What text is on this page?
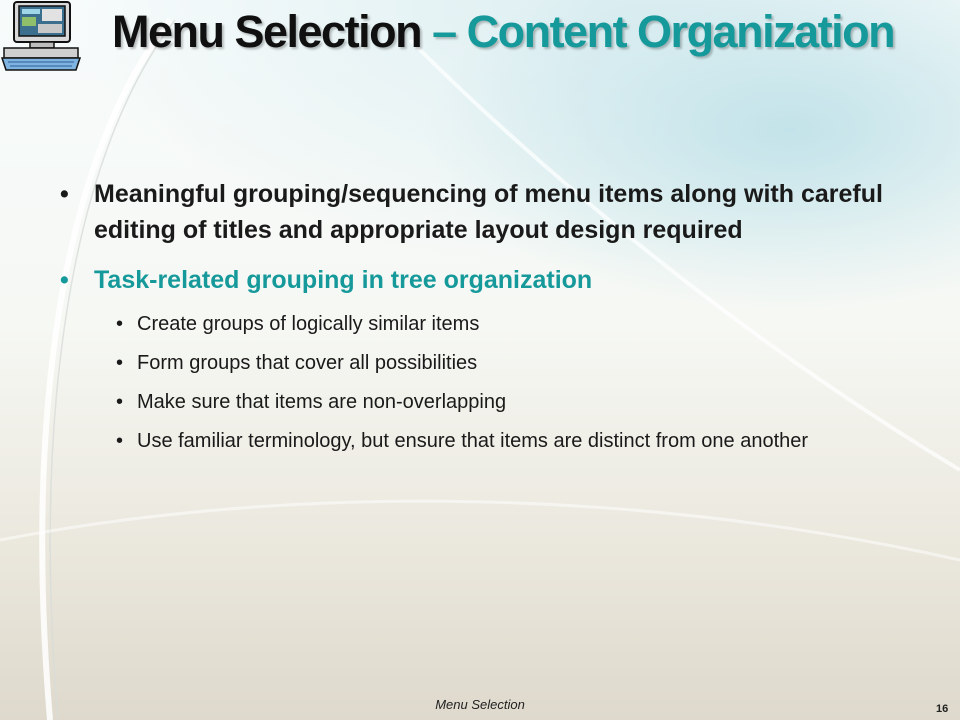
Menu Selection – Content Organization
• Meaningful grouping/sequencing of menu items along with careful editing of titles and appropriate layout design required
• Task-related grouping in tree organization
• Create groups of logically similar items
• Form groups that cover all possibilities
• Make sure that items are non-overlapping
• Use familiar terminology, but ensure that items are distinct from one another
Menu Selection	16
